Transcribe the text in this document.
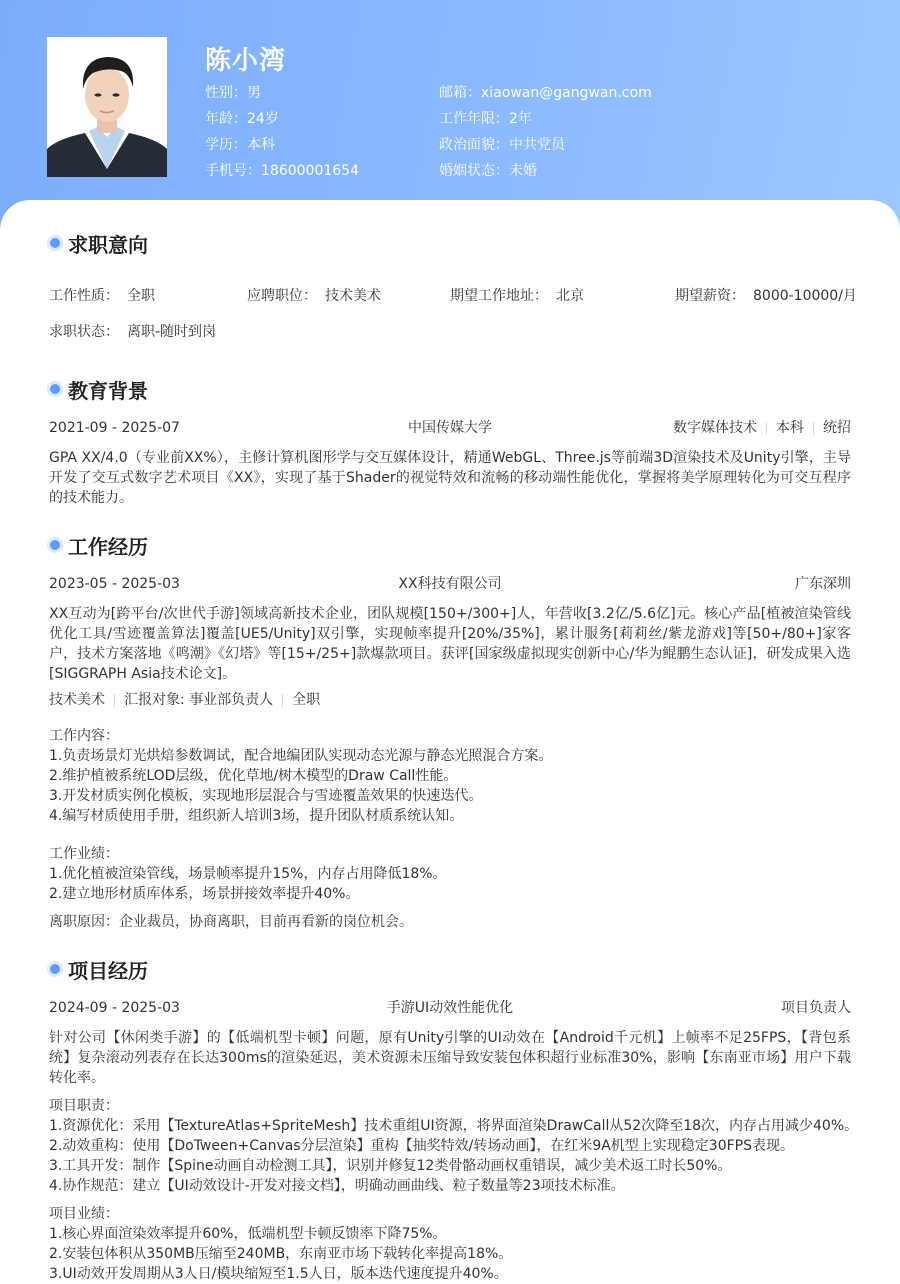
陈小湾
性别：男
年龄：24岁
学历：本科
手机号：18600001654
邮箱：xiaowan@gangwan.com
工作年限：2年
政治面貌：中共党员
婚姻状态：未婚
求职意向
工作性质： 全职	应聘职位： 技术美术	期望工作地址： 北京	期望薪资： 8000-10000/月
求职状态： 离职-随时到岗
教育背景
2021-09 - 2025-07	中国传媒大学	数字媒体技术 本科 统招
GPA XX/4.0（专业前XX%），主修计算机图形学与交互媒体设计，精通WebGL、Three.js等前端3D渲染技术及Unity引擎，主导开发了交互式数字艺术项目《XX》，实现了基于Shader的视觉特效和流畅的移动端性能优化，掌握将美学原理转化为可交互程序的技术能力。
工作经历
2023-05 - 2025-03	XX科技有限公司	广东深圳
XX互动为[跨平台/次世代手游]领域高新技术企业，团队规模[150+/300+]人，年营收[3.2亿/5.6亿]元。核心产品[植被渲染管线优化工具/雪迹覆盖算法]覆盖[UE5/Unity]双引擎，实现帧率提升[20%/35%]，累计服务[莉莉丝/紫龙游戏]等[50+/80+]家客户，技术方案落地《鸣潮》《幻塔》等[15+/25+]款爆款项目。获评[国家级虚拟现实创新中心/华为鲲鹏生态认证]，研发成果入选[SIGGRAPH Asia技术论文]。
技术美术 汇报对象: 事业部负责人 全职
工作内容：
1.负责场景灯光烘焙参数调试，配合地编团队实现动态光源与静态光照混合方案。
2.维护植被系统LOD层级，优化草地/树木模型的Draw Call性能。
3.开发材质实例化模板，实现地形层混合与雪迹覆盖效果的快速迭代。
4.编写材质使用手册，组织新人培训3场，提升团队材质系统认知。
工作业绩：
1.优化植被渲染管线，场景帧率提升15%，内存占用降低18%。
2.建立地形材质库体系，场景拼接效率提升40%。
离职原因：企业裁员，协商离职，目前再看新的岗位机会。
项目经历
2024-09 - 2025-03	手游UI动效性能优化	项目负责人
针对公司【休闲类手游】的【低端机型卡顿】问题，原有Unity引擎的UI动效在【Android千元机】上帧率不足25FPS，【背包系统】复杂滚动列表存在长达300ms的渲染延迟，美术资源未压缩导致安装包体积超行业标准30%，影响【东南亚市场】用户下载转化率。
项目职责：
1.资源优化：采用【TextureAtlas+SpriteMesh】技术重组UI资源，将界面渲染DrawCall从52次降至18次，内存占用减少40%。
2.动效重构：使用【DoTween+Canvas分层渲染】重构【抽奖特效/转场动画】，在红米9A机型上实现稳定30FPS表现。
3.工具开发：制作【Spine动画自动检测工具】，识别并修复12类骨骼动画权重错误，减少美术返工时长50%。
4.协作规范：建立【UI动效设计-开发对接文档】，明确动画曲线、粒子数量等23项技术标准。
项目业绩：
1.核心界面渲染效率提升60%，低端机型卡顿反馈率下降75%。
2.安装包体积从350MB压缩至240MB，东南亚市场下载转化率提高18%。
3.UI动效开发周期从3人日/模块缩短至1.5人日，版本迭代速度提升40%。
